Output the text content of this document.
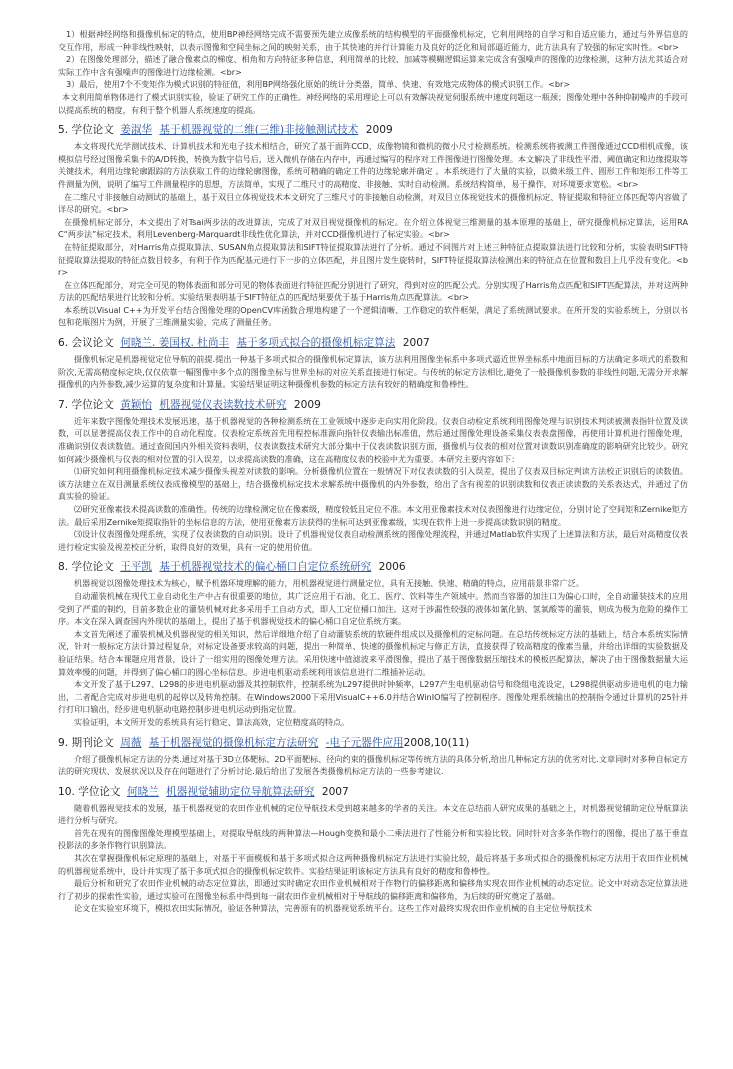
1）根据神经网络和摄像机标定的特点，使用BP神经网络完成不需要预先建立成像系统的结构模型的平面摄像机标定，它利用网络的自学习和自适应能力，通过与外界信息的交互作用，形成一种非线性映射，以表示图像和空间坐标之间的映射关系，由于其快速的并行计算能力及良好的泛化和局部逼近能力，此方法具有了较强的标定实时性。<br>

2）在图像处理部分，描述了融合像素点的梯度、相角和方向特征多种信息，利用简单的比较、加减等模糊逻辑运算来完成含有强噪声的图像的边缘检测，这种方法尤其适合对实际工作中含有强噪声的图像进行边缘检测。<br>

3）最后，使用7个不变矩作为模式识别的特征值，利用BP网络强化原始的统计分类器，简单、快速、有效地完成物体的模式识别工作。<br>

本文利用简单物体进行了模式识别实验，验证了研究工作的正确性。神经网络的采用理论上可以有效解决视觉伺服系统中速度问题这一瓶颈；图像处理中各种抑制噪声的手段可以提高系统的精度，有利于整个机器人系统速度的提高。

5. 学位论文 姜淑华 基于机器视觉的二维(三维)非接触测试技术 2009

本文将现代光学测试技术、计算机技术和光电子技术相结合，研究了基于面阵CCD、成像物镜和微机的微小尺寸检测系统。检测系统将被测工件图像通过CCD相机成像，该模拟信号经过图像采集卡的A/D转换，转换为数字信号后，送入微机存储在内存中，再通过编写的程序对工件图像进行图像处理。本文解决了非线性平滑、阈值确定和边缘提取等关键技术，利用边缘轮廓跟踪的方法获取工件的边缘轮廓图像，系统可精确的确定工件的边缘轮廓并确定 。本系统进行了大量的实验，以微米级工件、圆形工件和矩形工件等工件测量为例，说明了编写工件测量程序的思想，方法简单，实现了二维尺寸的高精度、非接触、实时自动检测。系统结构简单，易于操作，对环境要求宽松。<br>

在二维尺寸非接触自动测试的基础上，基于双目立体视觉技术本文研究了三维尺寸的非接触自动检测，对双目立体视觉技术的摄像机标定、特征提取和特征立体匹配等内容做了详尽的研究。<br>

在摄像机标定部分，本文提出了对Tsai两步法的改进算法，完成了对双目视觉摄像机的标定。在介绍立体视觉三维测量的基本原理的基础上，研究摄像机标定算法，运用RAC“两步法”标定技术，利用Levenberg-Marquardt非线性优化算法，并对CCD摄像机进行了标定实验。<br>

在特征提取部分，对Harris角点提取算法、SUSAN角点提取算法和SIFT特征提取算法进行了分析。通过不同图片对上述三种特征点提取算法进行比较和分析，实验表明SIFT特征提取算法提取的特征点数目较多，有利于作为匹配基元进行下一步的立体匹配，并且图片发生旋转时，SIFT特征提取算法检测出来的特征点在位置和数目上几乎没有变化。<br>

在立体匹配部分，对完全可见的物体表面和部分可见的物体表面进行特征匹配分别进行了研究，得到对应的匹配公式。分别实现了Harris角点匹配和SIFT匹配算法，并对这两种方法的匹配结果进行比较和分析。实验结果表明基于SIFT特征点的匹配结果要优于基于Harris角点匹配算法。<br>

本系统以Visual C++为开发平台结合图像处理的OpenCV库函数合理地构建了一个逻辑清晰、工作稳定的软件框架，满足了系统测试要求。在所开发的实验系统上，分别以书包和花瓶图片为例，开展了三维测量实验，完成了测量任务。

6. 会议论文 何晓兰. 姜国权. 杜尚丰 基于多项式拟合的摄像机标定算法 2007

摄像机标定是机器视觉定位导航的前提.提出一种基于多项式拟合的摄像机标定算法，该方法利用图像坐标系中多项式逼近世界坐标系中地面目标的方法确定多项式的系数和阶次,无需高精度标定块,仅仅依靠一幅图像中多个点的图像坐标与世界坐标的对应关系直接进行标定。与传统的标定方法相比,避免了一般摄像机参数的非线性问题,无需分开求解摄像机的内外参数,减少运算的复杂度和计算量。实验结果证明这种摄像机参数的标定方法有较好的精确度和鲁棒性。

7. 学位论文 黄颖怡 机器视觉仪表读数技术研究 2009

近年来数字图像处理技术发展迅速，基于机器视觉的各种检测系统在工业领域中逐步走向实用化阶段。仪表自动检定系统利用图像处理与识别技术判读被测表指针位置及读数，可以显著提高仪表工作中的自动化程度。仪表检定系统首先用程控标准源向指针仪表输出标准值，然后通过图像处理设备采集仪表表盘图像，再使用计算机进行图像处理，准确识别仪表读数值。通过查阅国内外相关资料表明，仪表读数技术研究大部分集中于仪表读数识别方面，摄像机与仪表的相对位置对读数识别准确度的影响研究比较少。研究如何减少摄像机与仪表的相对位置的引入误差，以求提高读数的准确，这在高精度仪表的校验中尤为重要。本研究主要内容如下：

⑴研究如何利用摄像机标定技术减少摄像头视差对读数的影响。分析摄像机位置在一般情况下对仪表读数的引入误差，提出了仪表双目标定判读方法校正识别后的读数值。该方法建立在双目测量系统仪表成像模型的基础上，结合摄像机标定技术求解系统中摄像机的内外参数，给出了含有视差的识别读数和仪表正读读数的关系表达式，并通过了仿真实验的验证。

⑵研究亚像素技术提高读数的准确性。传统的边缘检测定位在像素级，精度较低且定位不准。本文用亚像素技术对仪表图像进行边缘定位，分别讨论了空间矩和Zernike矩方法。最后采用Zernike矩提取指针的坐标信息的方法，使用亚像素方法获得的坐标可达到亚像素级，实现在软件上进一步提高读数识别的精度。

⑶设计仪表图像处理系统，实现了仪表读数的自动识别。设计了机器视觉仪表自动检测系统的图像处理流程，并通过Matlab软件实现了上述算法和方法，最后对高精度仪表进行检定实验及视差校正分析，取得良好的效果，具有一定的使用价值。

8. 学位论文 王平凯 基于机器视觉技术的偏心桶口自定位系统研究 2006

机器视觉以图像处理技术为核心，赋予机器环境理解的能力，用机器视觉进行测量定位，具有无接触、快速、精确的特点，应用前景非常广泛。

自动灌装机械在现代工业自动化生产中占有很重要的地位，其广泛应用于石油、化工、医疗、饮料等生产领域中。然而当容器的加注口为偏心口时，全自动灌装技术的应用受到了严重的制约，目前多数企业的灌装机械对此多采用手工自动方式，即人工定位桶口加注。这对于涉漏性较强的液体如氰化钠、氢氧酸等的灌装，则成为极为危险的操作工序。本文在深入调查国内外现状的基础上，提出了基于机器视觉技术的偏心桶口自定位系统方案。

本文首先阐述了灌装机械及机器视觉的相关知识，然后详细地介绍了自动灌装系统的软硬件组成以及摄像机的定标问题。在总结传统标定方法的基础上，结合本系统实际情况，针对一般标定方法计算过程复杂，对标定设备要求较高的问题，提出一种简单、快速的摄像机标定与修正方法，直接获得了较高精度的像素当量，并给出详细的实验数据及验证结果。结合本课题应用背景，设计了一组实用的图像处理方法。采用快速中值滤波来平滑图像，提出了基于图像数据压缩技术的模板匹配算法，解决了由于图像数据量大运算效率慢的问题，并得到了偏心桶口的圆心坐标信息。步进电机驱动系统利用该信息进行二维插补运动。

本文开发了基于L297、L298的步进电机驱动器及其控制软件，控制系统为L297提供时钟频率，L297产生电机驱动信号和绕组电流设定，L298提供驱动步进电机的电力输出，二者配合完成对步进电机的起停以及转角控制。在Windows2000下采用VisualC++6.0并结合WinIO编写了控制程序。图像处理系统输出的控制指令通过计算机的25针并行打印口输出，经步进电机驱动电路控制步进电机运动到指定位置。

实验证明，本文所开发的系统具有运行稳定、算法高效，定位精度高的特点。

9. 期刊论文 周薇 基于机器视觉的摄像机标定方法研究 -电子元器件应用2008,10(11)

介绍了摄像机标定方法的分类.通过对基于3D立体靶标、2D平面靶标、径向约束的摄像机标定等传统方法的具体分析,给出几种标定方法的优劣对比.文章同时对多种自标定方法的研究现状、发展状况以及存在问题进行了分析讨论.最后给出了发展各类摄像机标定方法的一些参考建议.

10. 学位论文 何晓兰 机器视觉辅助定位导航算法研究 2007

随着机器视觉技术的发展，基于机器视觉的农田作业机械的定位导航技术受到越来越多的学者的关注。本文在总结前人研究成果的基础之上，对机器视觉辅助定位导航算法进行分析与研究。

首先在现有的图像图像处理模型基础上，对提取导航线的两种算法—Hough变换和最小二乘法进行了性能分析和实验比较。同时针对含多条作物行的图像，提出了基于垂直投影法的多条作物行识别算法。

其次在掌握摄像机标定原理的基础上，对基于平面模板和基于多项式拟合这两种摄像机标定方法进行实验比较，最后将基于多项式拟合的摄像机标定方法用于农田作业机械的机器视觉系统中，设计并实现了基于多项式拟合的摄像机标定软件。实验结果证明该标定方法具有良好的精度和鲁棒性。

最后分析和研究了农田作业机械的动态定位算法，即通过实时确定农田作业机械相对于作物行的偏移距离和偏移角实现农田作业机械的动态定位。论文中对动态定位算法进行了初步的探索性实验，通过实验可在图像坐标系中得到每一副农田作业机械相对于导航线的偏移距离和偏移角，为后续的研究奠定了基础。

论文在实验室环境下，模拟农田实际情况，验证各种算法，完善原有的机器视觉系统平台。这些工作对最终实现农田作业机械的自主定位导航技术
